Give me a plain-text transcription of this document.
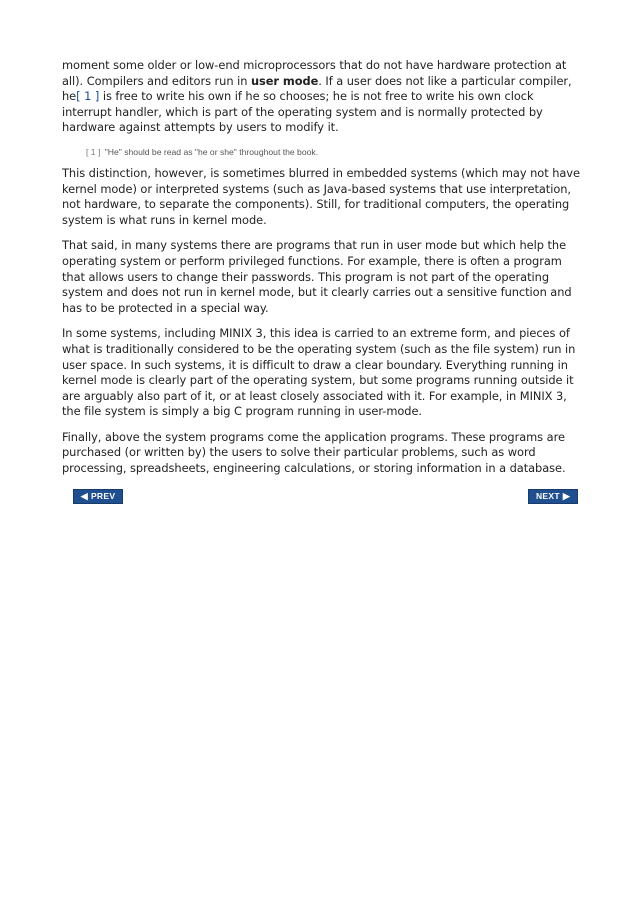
moment some older or low-end microprocessors that do not have hardware protection at all). Compilers and editors run in user mode. If a user does not like a particular compiler, he[ 1 ] is free to write his own if he so chooses; he is not free to write his own clock interrupt handler, which is part of the operating system and is normally protected by hardware against attempts by users to modify it.

[ 1 ] "He" should be read as "he or she" throughout the book.

This distinction, however, is sometimes blurred in embedded systems (which may not have kernel mode) or interpreted systems (such as Java-based systems that use interpretation, not hardware, to separate the components). Still, for traditional computers, the operating system is what runs in kernel mode.

That said, in many systems there are programs that run in user mode but which help the operating system or perform privileged functions. For example, there is often a program that allows users to change their passwords. This program is not part of the operating system and does not run in kernel mode, but it clearly carries out a sensitive function and has to be protected in a special way.

In some systems, including MINIX 3, this idea is carried to an extreme form, and pieces of what is traditionally considered to be the operating system (such as the file system) run in user space. In such systems, it is difficult to draw a clear boundary. Everything running in kernel mode is clearly part of the operating system, but some programs running outside it are arguably also part of it, or at least closely associated with it. For example, in MINIX 3, the file system is simply a big C program running in user-mode.

Finally, above the system programs come the application programs. These programs are purchased (or written by) the users to solve their particular problems, such as word processing, spreadsheets, engineering calculations, or storing information in a database.

◀ PREV	NEXT ▶
